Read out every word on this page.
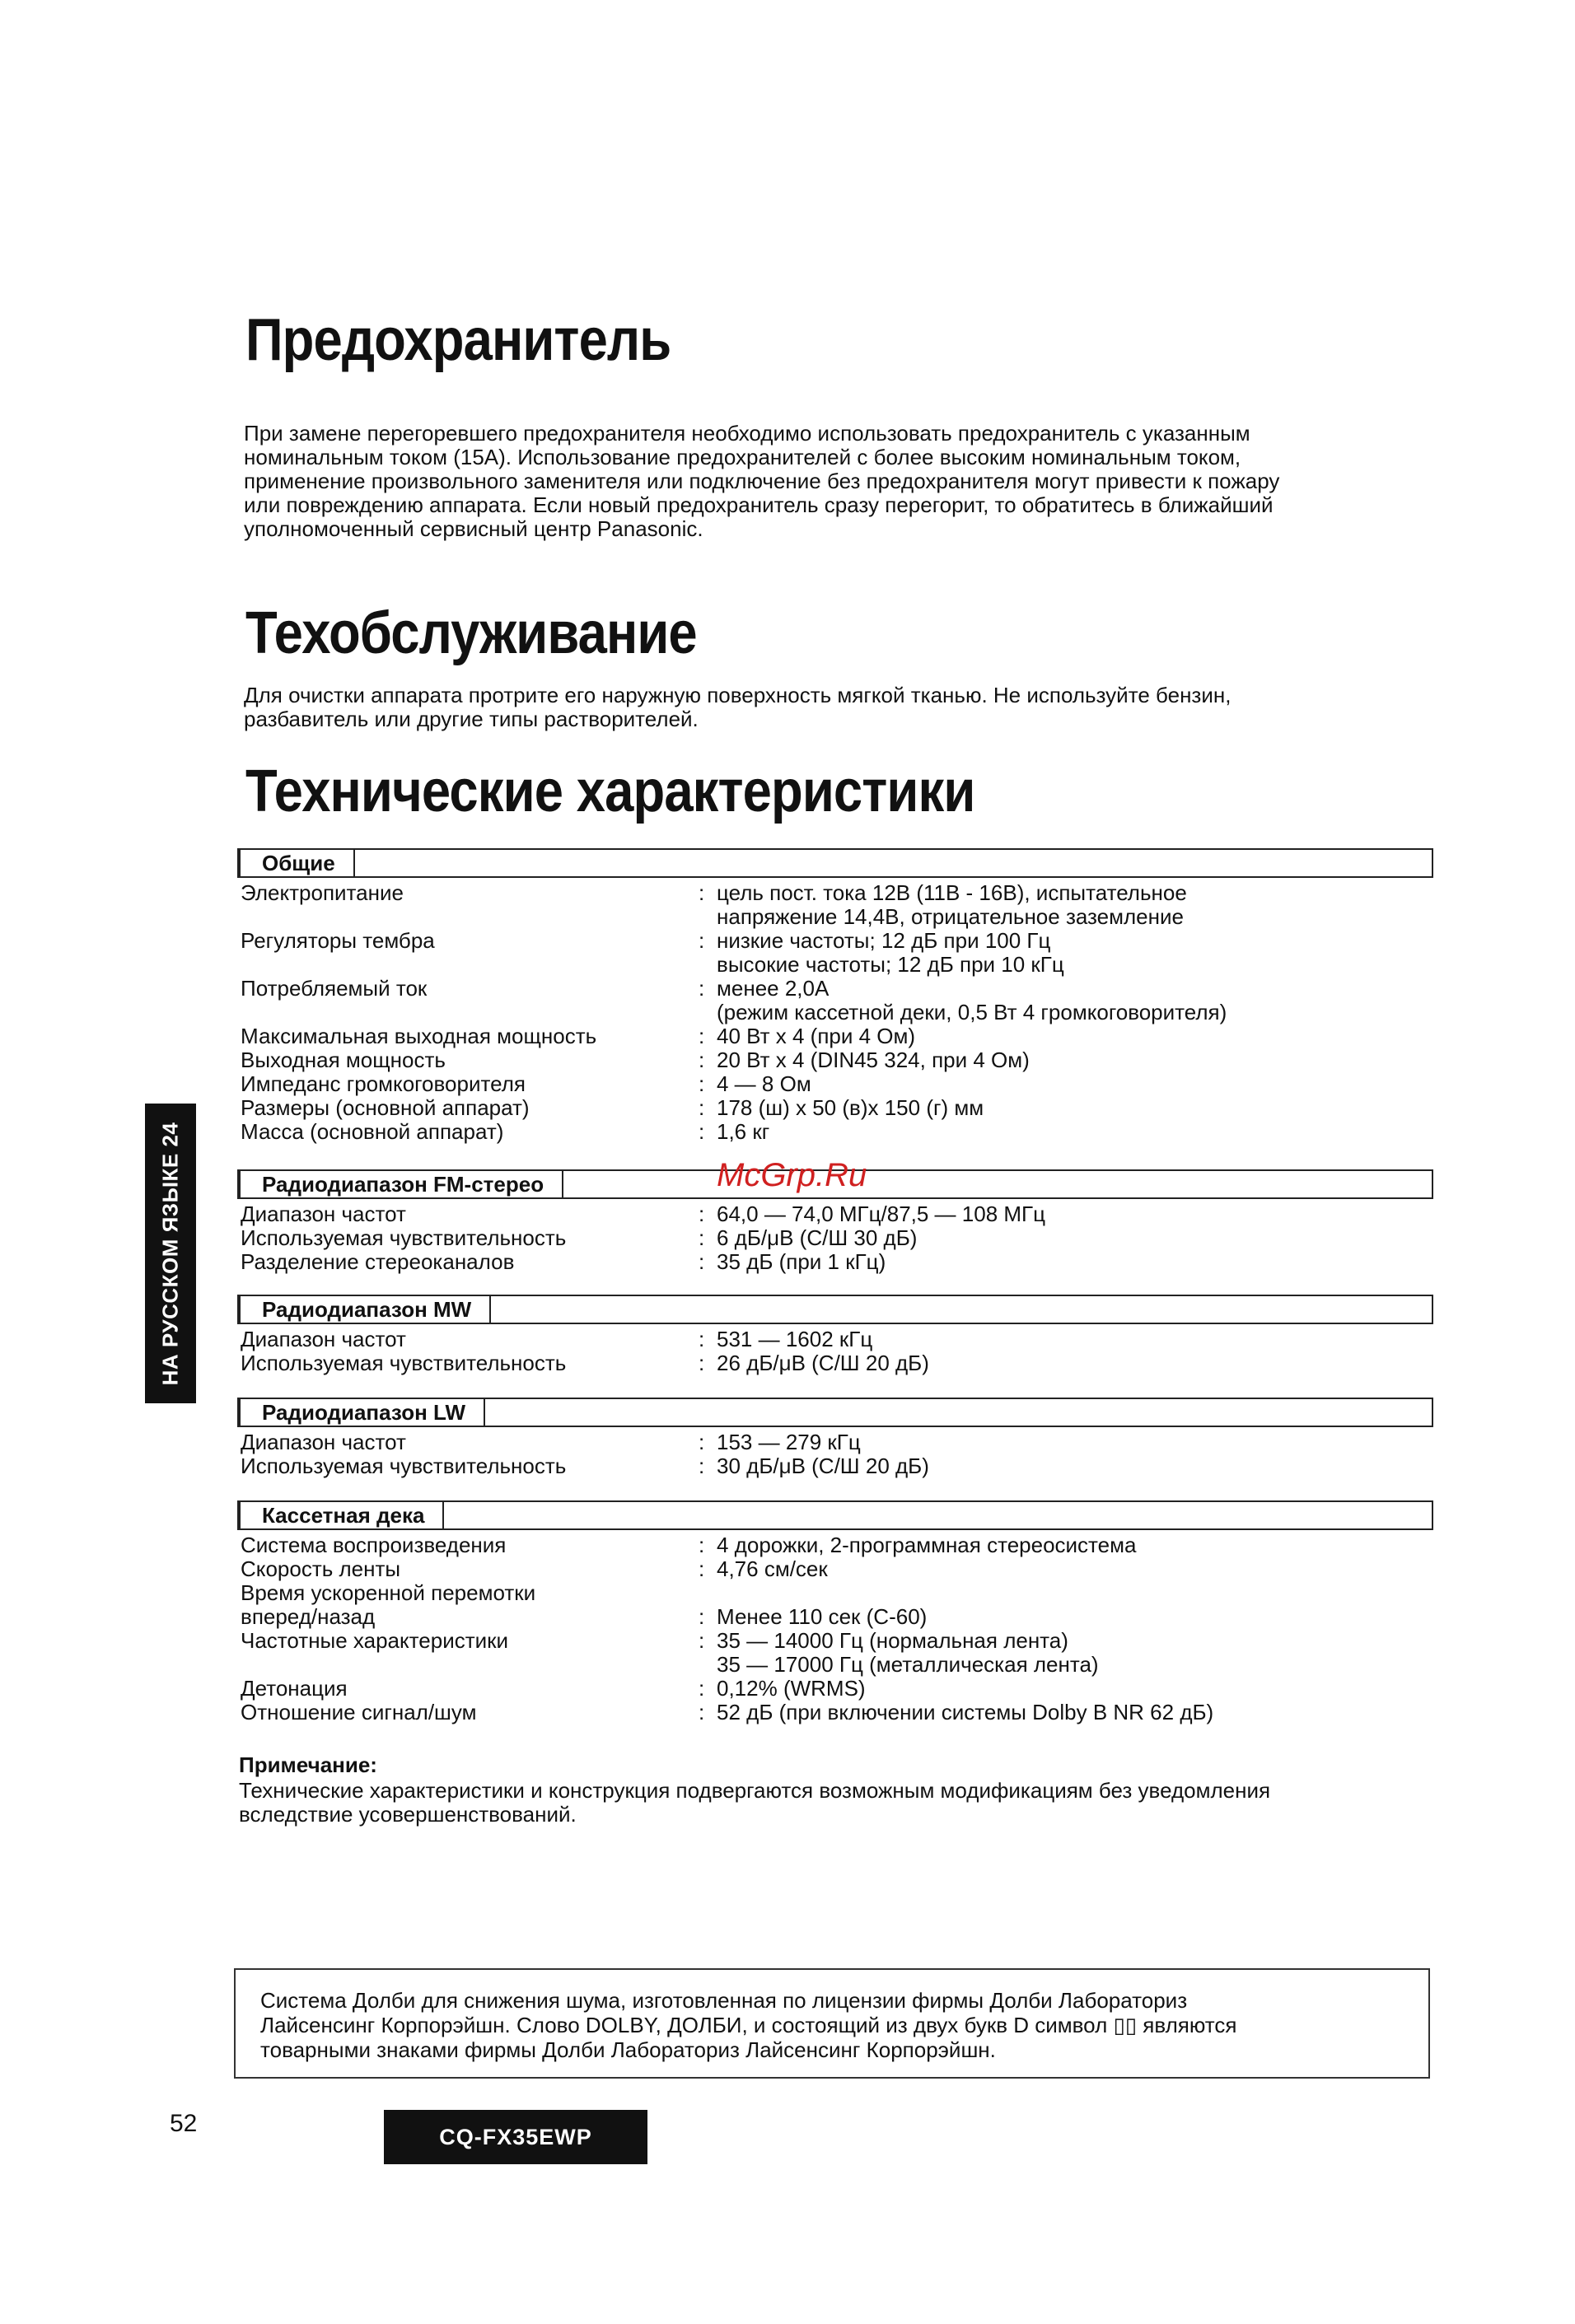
Предохранитель
При замене перегоревшего предохранителя необходимо использовать предохранитель с указанным
номинальным током (15А). Использование предохранителей с более высоким номинальным током,
применение произвольного заменителя или подключение без предохранителя могут привести к пожару
или повреждению аппарата. Если новый предохранитель сразу перегорит, то обратитесь в ближайший
уполномоченный сервисный центр Panasonic.
Техобслуживание
Для очистки аппарата протрите его наружную поверхность мягкой тканью. Не используйте бензин,
разбавитель или другие типы растворителей.
Технические характеристики
Общие
Электропитание	: цель пост. тока 12В (11В - 16В), испытательное
напряжение 14,4В, отрицательное заземление
Регуляторы тембра	: низкие частоты; 12 дБ при 100 Гц
высокие частоты; 12 дБ при 10 кГц
Потребляемый ток	: менее 2,0А
(режим кассетной деки, 0,5 Вт 4 громкоговорителя)
Максимальная выходная мощность	: 40 Вт x 4 (при 4 Ом)
Выходная мощность	: 20 Вт x 4 (DIN45 324, при 4 Ом)
Импеданс громкоговорителя	: 4 — 8 Ом
Размеры (основной аппарат)	: 178 (ш) x 50 (в)x 150 (г) мм
Масса (основной аппарат)	: 1,6 кг
Радиодиапазон FM-стерео
Диапазон частот	: 64,0 — 74,0 МГц/87,5 — 108 МГц
Используемая чувствительность	: 6 дБ/μВ (С/Ш 30 дБ)
Разделение стереоканалов	: 35 дБ (при 1 кГц)
Радиодиапазон MW
Диапазон частот	: 531 — 1602 кГц
Используемая чувствительность	: 26 дБ/μВ (С/Ш 20 дБ)
Радиодиапазон LW
Диапазон частот	: 153 — 279 кГц
Используемая чувствительность	: 30 дБ/μВ (С/Ш 20 дБ)
Кассетная дека
Система воспроизведения	: 4 дорожки, 2-программная стереосистема
Скорость ленты	: 4,76 см/сек
Время ускоренной перемотки
вперед/назад	: Менее 110 сек (С-60)
Частотные характеристики	: 35 — 14000 Гц (нормальная лента)
35 — 17000 Гц (металлическая лента)
Детонация	: 0,12% (WRMS)
Отношение сигнал/шум	: 52 дБ (при включении системы Dolby B NR 62 дБ)
НА РУССКОМ ЯЗЫКЕ 24	McGrp.Ru
Примечание:
Технические характеристики и конструкция подвергаются возможным модификациям без уведомления
вследствие усовершенствований.
Система Долби для снижения шума, изготовленная по лицензии фирмы Долби Лабораториз
Лайсенсинг Корпорэйшн. Слово DOLBY, ДОЛБИ, и состоящий из двух букв D символ ▯▯ являются
товарными знаками фирмы Долби Лабораториз Лайсенсинг Корпорэйшн.
52	CQ-FX35EWP
